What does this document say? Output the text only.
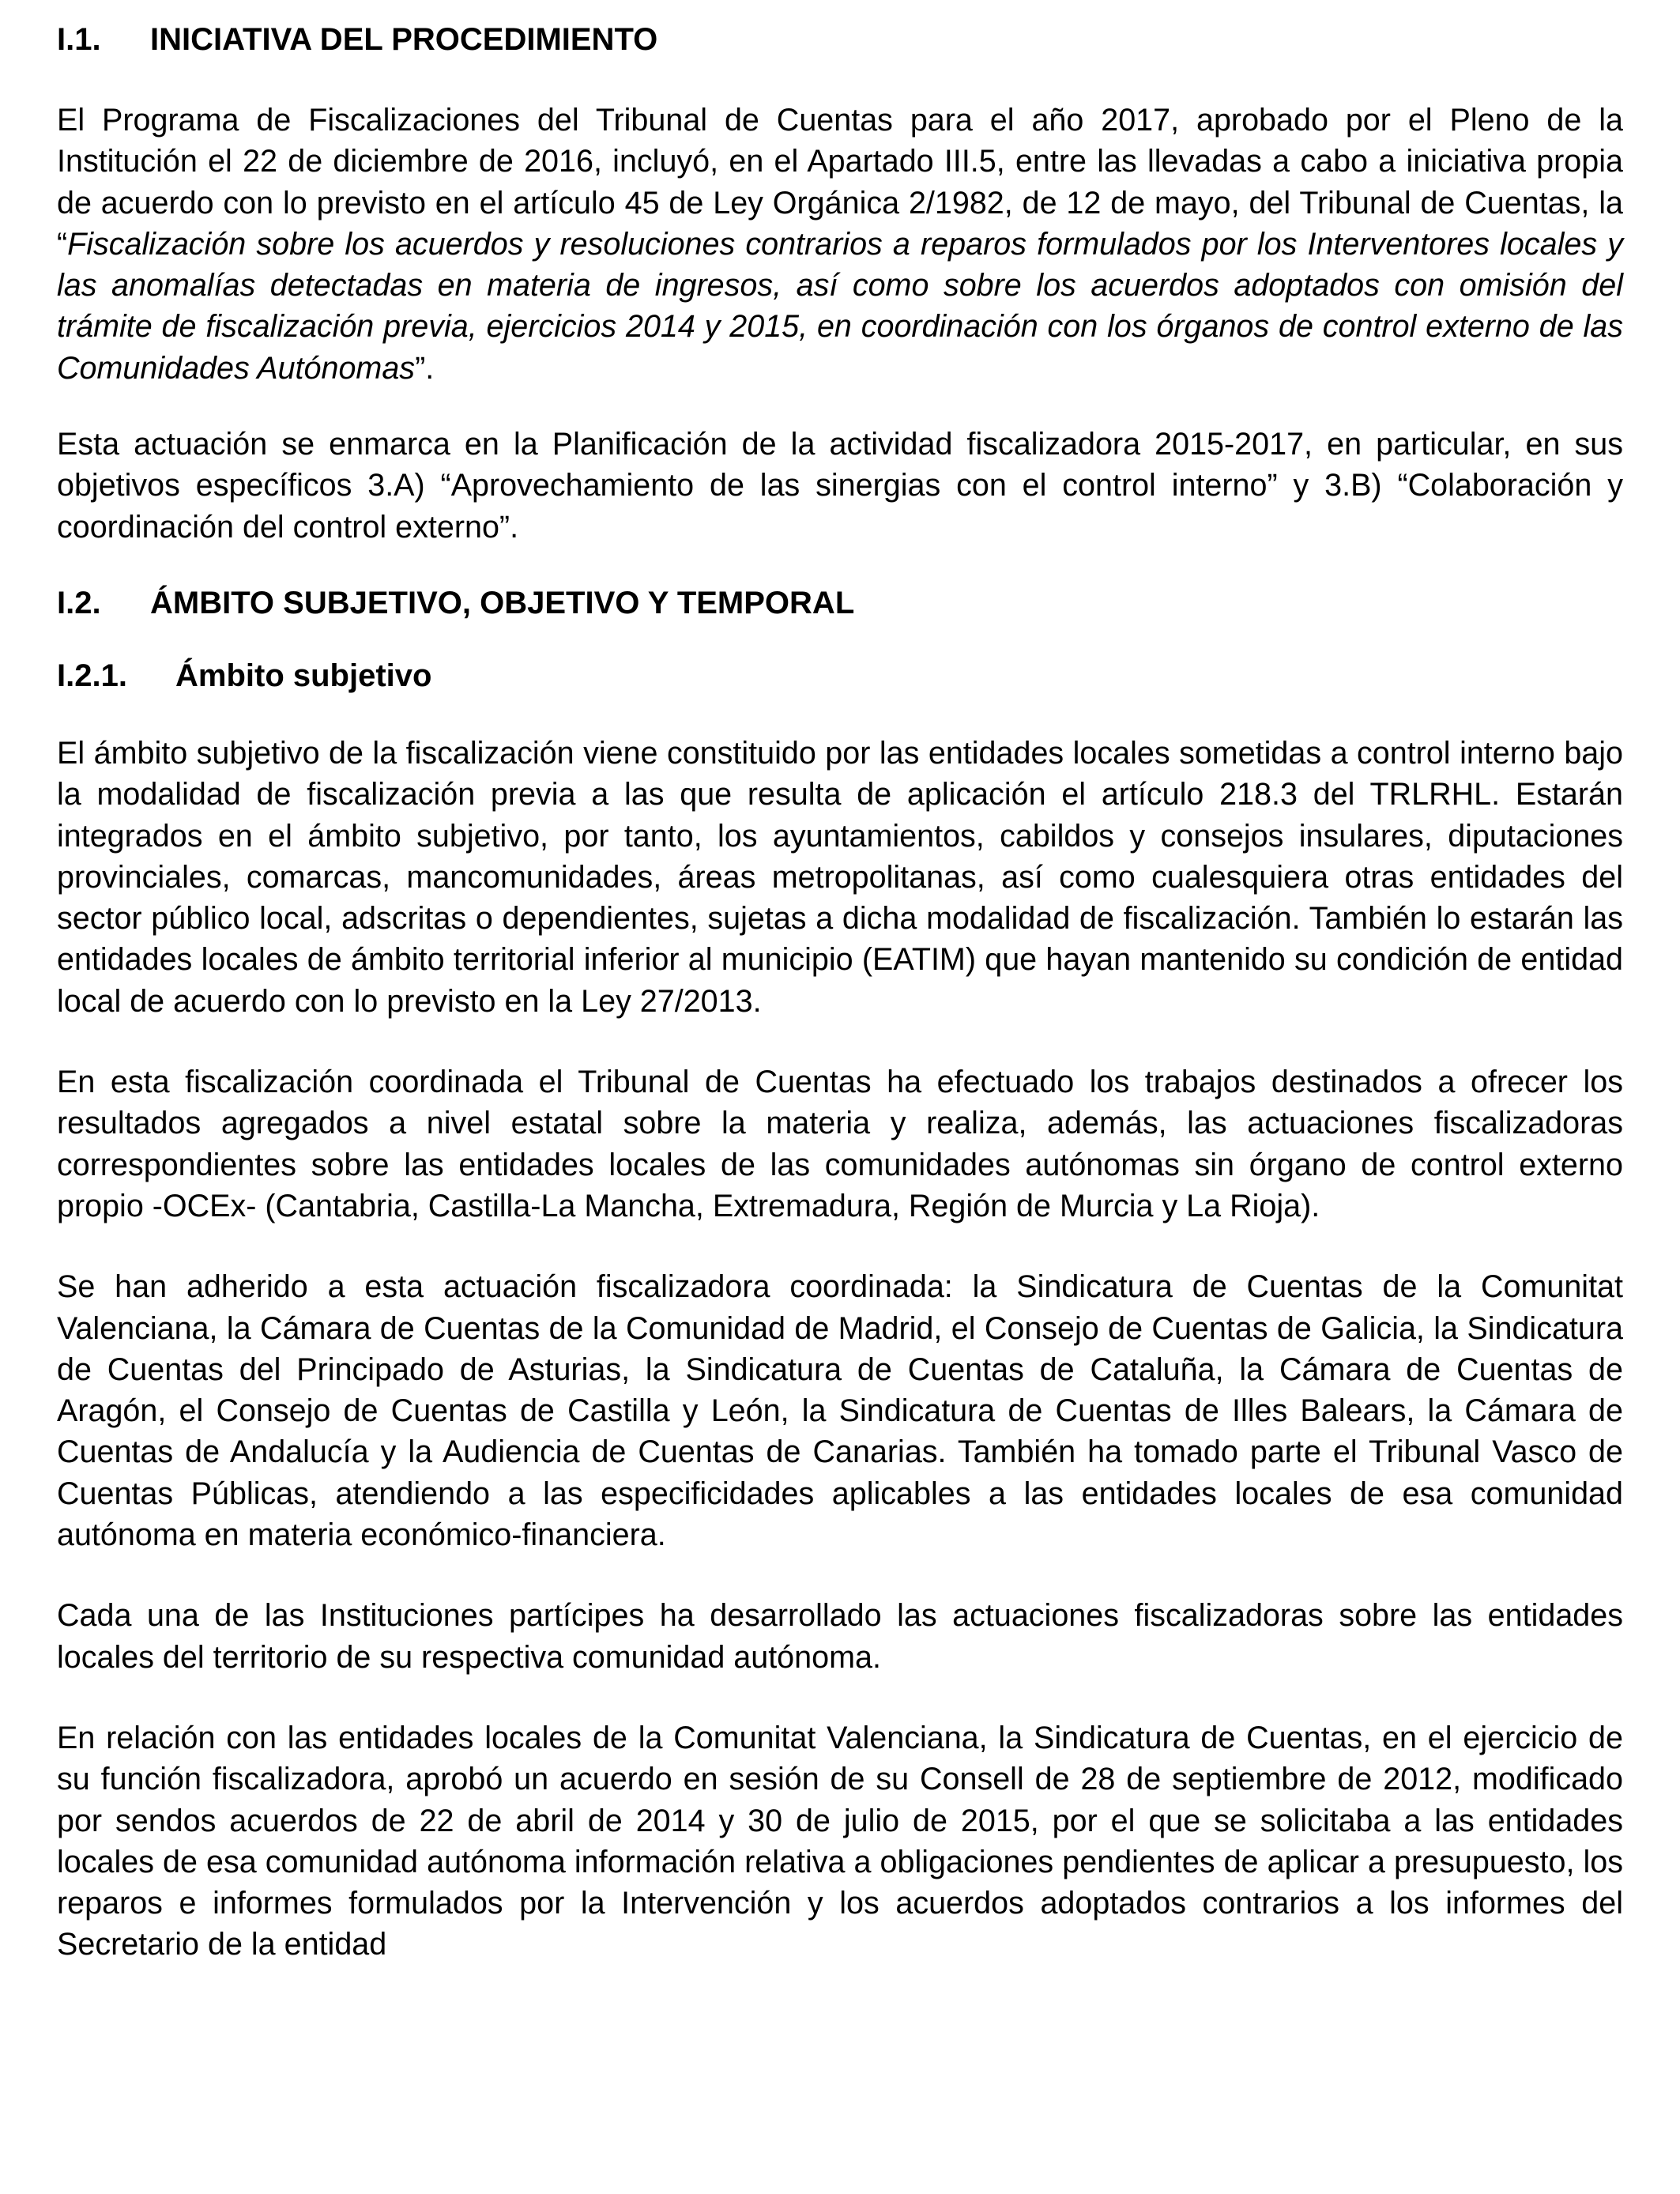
I.1.	INICIATIVA DEL PROCEDIMIENTO

El Programa de Fiscalizaciones del Tribunal de Cuentas para el año 2017, aprobado por el Pleno de la Institución el 22 de diciembre de 2016, incluyó, en el Apartado III.5, entre las llevadas a cabo a iniciativa propia de acuerdo con lo previsto en el artículo 45 de Ley Orgánica 2/1982, de 12 de mayo, del Tribunal de Cuentas, la “Fiscalización sobre los acuerdos y resoluciones contrarios a reparos formulados por los Interventores locales y las anomalías detectadas en materia de ingresos, así como sobre los acuerdos adoptados con omisión del trámite de fiscalización previa, ejercicios 2014 y 2015, en coordinación con los órganos de control externo de las Comunidades Autónomas”.

Esta actuación se enmarca en la Planificación de la actividad fiscalizadora 2015-2017, en particular, en sus objetivos específicos 3.A) “Aprovechamiento de las sinergias con el control interno” y 3.B) “Colaboración y coordinación del control externo”.

I.2.	ÁMBITO SUBJETIVO, OBJETIVO Y TEMPORAL
I.2.1.	Ámbito subjetivo

El ámbito subjetivo de la fiscalización viene constituido por las entidades locales sometidas a control interno bajo la modalidad de fiscalización previa a las que resulta de aplicación el artículo 218.3 del TRLRHL. Estarán integrados en el ámbito subjetivo, por tanto, los ayuntamientos, cabildos y consejos insulares, diputaciones provinciales, comarcas, mancomunidades, áreas metropolitanas, así como cualesquiera otras entidades del sector público local, adscritas o dependientes, sujetas a dicha modalidad de fiscalización. También lo estarán las entidades locales de ámbito territorial inferior al municipio (EATIM) que hayan mantenido su condición de entidad local de acuerdo con lo previsto en la Ley 27/2013.

En esta fiscalización coordinada el Tribunal de Cuentas ha efectuado los trabajos destinados a ofrecer los resultados agregados a nivel estatal sobre la materia y realiza, además, las actuaciones fiscalizadoras correspondientes sobre las entidades locales de las comunidades autónomas sin órgano de control externo propio -OCEx- (Cantabria, Castilla-La Mancha, Extremadura, Región de Murcia y La Rioja).

Se han adherido a esta actuación fiscalizadora coordinada: la Sindicatura de Cuentas de la Comunitat Valenciana, la Cámara de Cuentas de la Comunidad de Madrid, el Consejo de Cuentas de Galicia, la Sindicatura de Cuentas del Principado de Asturias, la Sindicatura de Cuentas de Cataluña, la Cámara de Cuentas de Aragón, el Consejo de Cuentas de Castilla y León, la Sindicatura de Cuentas de Illes Balears, la Cámara de Cuentas de Andalucía y la Audiencia de Cuentas de Canarias. También ha tomado parte el Tribunal Vasco de Cuentas Públicas, atendiendo a las especificidades aplicables a las entidades locales de esa comunidad autónoma en materia económico-financiera.

Cada una de las Instituciones partícipes ha desarrollado las actuaciones fiscalizadoras sobre las entidades locales del territorio de su respectiva comunidad autónoma.

En relación con las entidades locales de la Comunitat Valenciana, la Sindicatura de Cuentas, en el ejercicio de su función fiscalizadora, aprobó un acuerdo en sesión de su Consell de 28 de septiembre de 2012, modificado por sendos acuerdos de 22 de abril de 2014 y 30 de julio de 2015, por el que se solicitaba a las entidades locales de esa comunidad autónoma información relativa a obligaciones pendientes de aplicar a presupuesto, los reparos e informes formulados por la Intervención y los acuerdos adoptados contrarios a los informes del Secretario de la entidad
